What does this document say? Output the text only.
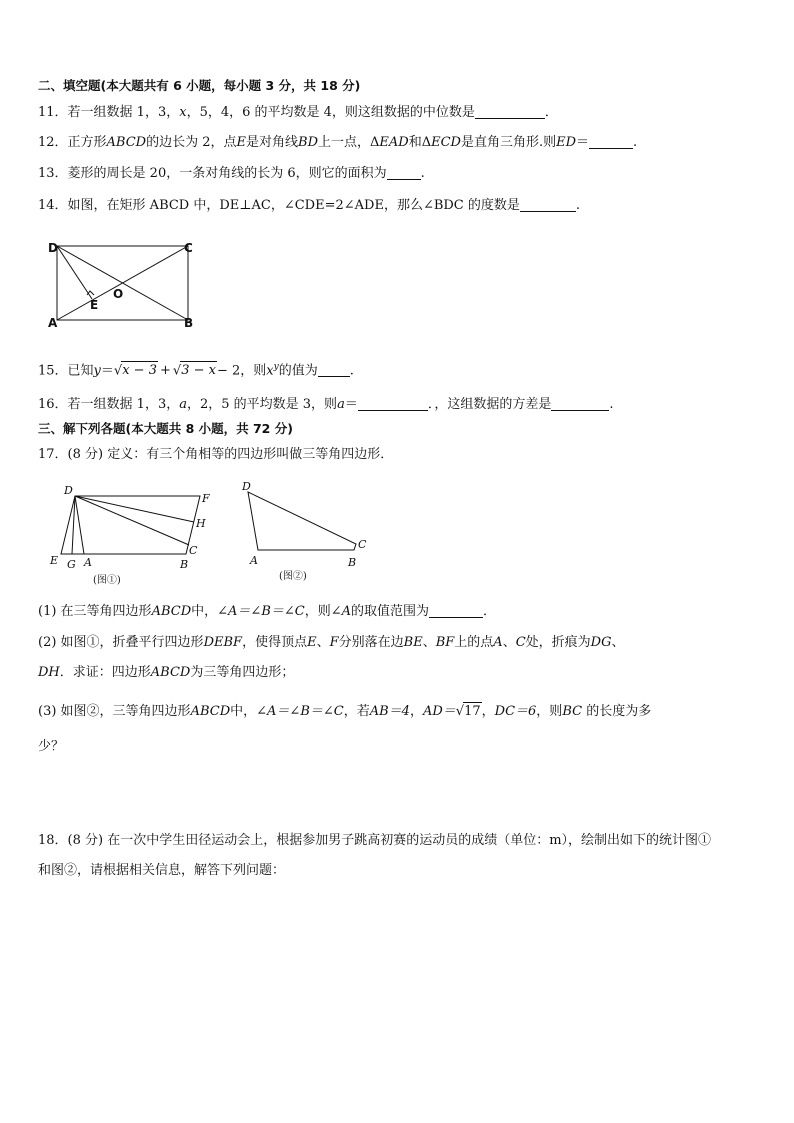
二、填空题(本大题共有 6 小题，每小题 3 分，共 18 分)
11．若一组数据 1，3，x，5，4，6 的平均数是 4，则这组数据的中位数是	．
12．正方形ABCD的边长为 2，点E是对角线BD上一点，ΔEAD和ΔECD是直角三角形.则ED＝	.
13．菱形的周长是 20，一条对角线的长为 6，则它的面积为	.
14．如图，在矩形 ABCD 中，DE⊥AC，∠CDE=2∠ADE，那么∠BDC 的度数是	.
D	C
A	B
O
E
15．已知y＝√x − 3 + √3 − x− 2，则$x^y$的值为 .
16．若一组数据 1，3，a，2，5 的平均数是 3，则a＝	．，这组数据的方差是	.
三、解下列各题(本大题共 8 小题，共 72 分)
17．(8 分) 定义：有三个角相等的四边形叫做三等角四边形．
D
F
H
C
E G A	B
(图①)
D
C
A	B
(图②)
(1) 在三等角四边形ABCD中，∠A＝∠B＝∠C，则∠A的取值范围为	．
(2) 如图①，折叠平行四边形DEBF，使得顶点E、F分别落在边BE、BF上的点A、C处，折痕为DG、
DH．求证：四边形ABCD为三等角四边形；
(3) 如图②，三等角四边形ABCD中，∠A＝∠B＝∠C，若AB＝4，AD＝√17，DC＝6，则BC 的长度为多
少？
18．(8 分) 在一次中学生田径运动会上，根据参加男子跳高初赛的运动员的成绩（单位：m），绘制出如下的统计图①
和图②，请根据相关信息，解答下列问题：
